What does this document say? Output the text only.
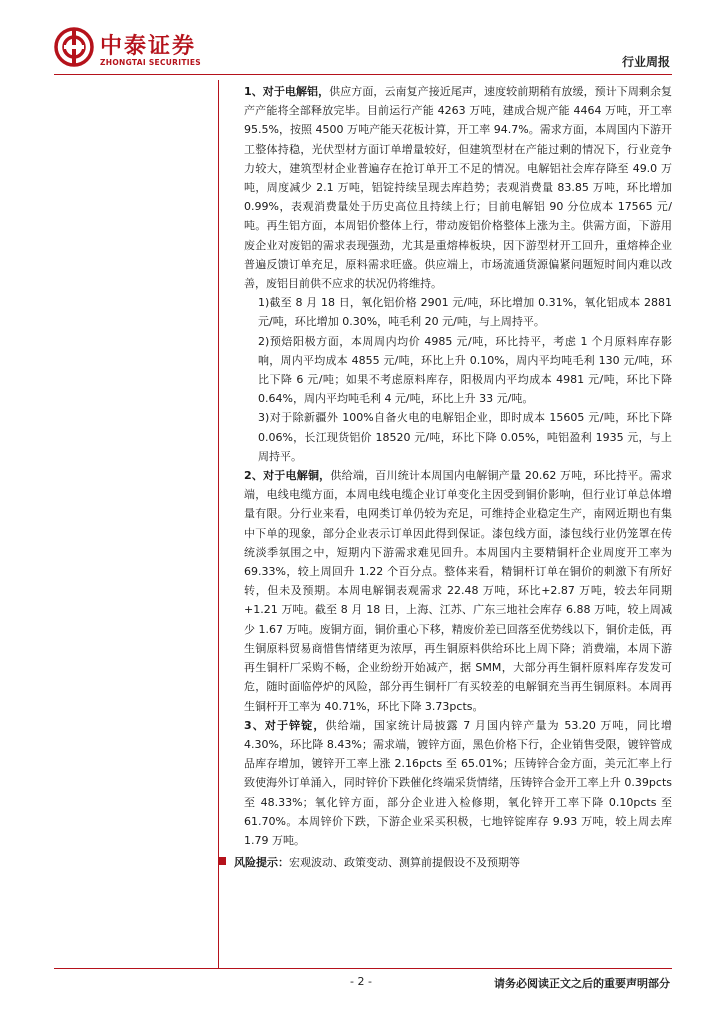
中泰证券
ZHONGTAI SECURITIES	行业周报

1、对于电解铝，供应方面，云南复产接近尾声，速度较前期稍有放缓，预计下周剩余复产产能将全部释放完毕。目前运行产能 4263 万吨，建成合规产能 4464 万吨，开工率 95.5%，按照 4500 万吨产能天花板计算，开工率 94.7%。需求方面，本周国内下游开工整体持稳，光伏型材方面订单增量较好，但建筑型材在产能过剩的情况下，行业竞争力较大，建筑型材企业普遍存在抢订单开工不足的情况。电解铝社会库存降至 49.0 万吨，周度减少 2.1 万吨，铝锭持续呈现去库趋势；表观消费量 83.85 万吨，环比增加 0.99%，表观消费量处于历史高位且持续上行；目前电解铝 90 分位成本 17565 元/吨。再生铝方面，本周铝价整体上行，带动废铝价格整体上涨为主。供需方面，下游用废企业对废铝的需求表现强劲，尤其是重熔棒板块，因下游型材开工回升，重熔棒企业普遍反馈订单充足，原料需求旺盛。供应端上，市场流通货源偏紧问题短时间内难以改善，废铝目前供不应求的状况仍将维持。

1)截至 8 月 18 日，氧化铝价格 2901 元/吨，环比增加 0.31%，氧化铝成本 2881 元/吨，环比增加 0.30%，吨毛利 20 元/吨，与上周持平。

2)预焙阳极方面，本周周内均价 4985 元/吨，环比持平，考虑 1 个月原料库存影响，周内平均成本 4855 元/吨，环比上升 0.10%，周内平均吨毛利 130 元/吨，环比下降 6 元/吨；如果不考虑原料库存，阳极周内平均成本 4981 元/吨，环比下降 0.64%，周内平均吨毛利 4 元/吨，环比上升 33 元/吨。

3)对于除新疆外 100%自备火电的电解铝企业，即时成本 15605 元/吨，环比下降 0.06%，长江现货铝价 18520 元/吨，环比下降 0.05%，吨铝盈利 1935 元，与上周持平。

2、对于电解铜，供给端，百川统计本周国内电解铜产量 20.62 万吨，环比持平。需求端，电线电缆方面，本周电线电缆企业订单变化主因受到铜价影响，但行业订单总体增量有限。分行业来看，电网类订单仍较为充足，可维持企业稳定生产，南网近期也有集中下单的现象，部分企业表示订单因此得到保证。漆包线方面，漆包线行业仍笼罩在传统淡季氛围之中，短期内下游需求难见回升。本周国内主要精铜杆企业周度开工率为 69.33%，较上周回升 1.22 个百分点。整体来看，精铜杆订单在铜价的刺激下有所好转，但未及预期。本周电解铜表观需求 22.48 万吨，环比+2.87 万吨，较去年同期+1.21 万吨。截至 8 月 18 日，上海、江苏、广东三地社会库存 6.88 万吨，较上周减少 1.67 万吨。废铜方面，铜价重心下移，精废价差已回落至优势线以下，铜价走低，再生铜原料贸易商惜售情绪更为浓厚，再生铜原料供给环比上周下降；消费端，本周下游再生铜杆厂采购不畅，企业纷纷开始减产，据 SMM，大部分再生铜杆原料库存发发可危，随时面临停炉的风险，部分再生铜杆厂有买较差的电解铜充当再生铜原料。本周再生铜杆开工率为 40.71%，环比下降 3.73pcts。

3、对于锌锭，供给端，国家统计局披露 7 月国内锌产量为 53.20 万吨，同比增 4.30%，环比降 8.43%；需求端，镀锌方面，黑色价格下行，企业销售受限，镀锌管成品库存增加，镀锌开工率上涨 2.16pcts 至 65.01%；压铸锌合金方面，美元汇率上行致使海外订单涌入，同时锌价下跌催化终端采货情绪，压铸锌合金开工率上升 0.39pcts 至 48.33%；氧化锌方面，部分企业进入检修期，氧化锌开工率下降 0.10pcts 至 61.70%。本周锌价下跌，下游企业采买积极，七地锌锭库存 9.93 万吨，较上周去库 1.79 万吨。

风险提示：宏观波动、政策变动、测算前提假设不及预期等
- 2 -	请务必阅读正文之后的重要声明部分
